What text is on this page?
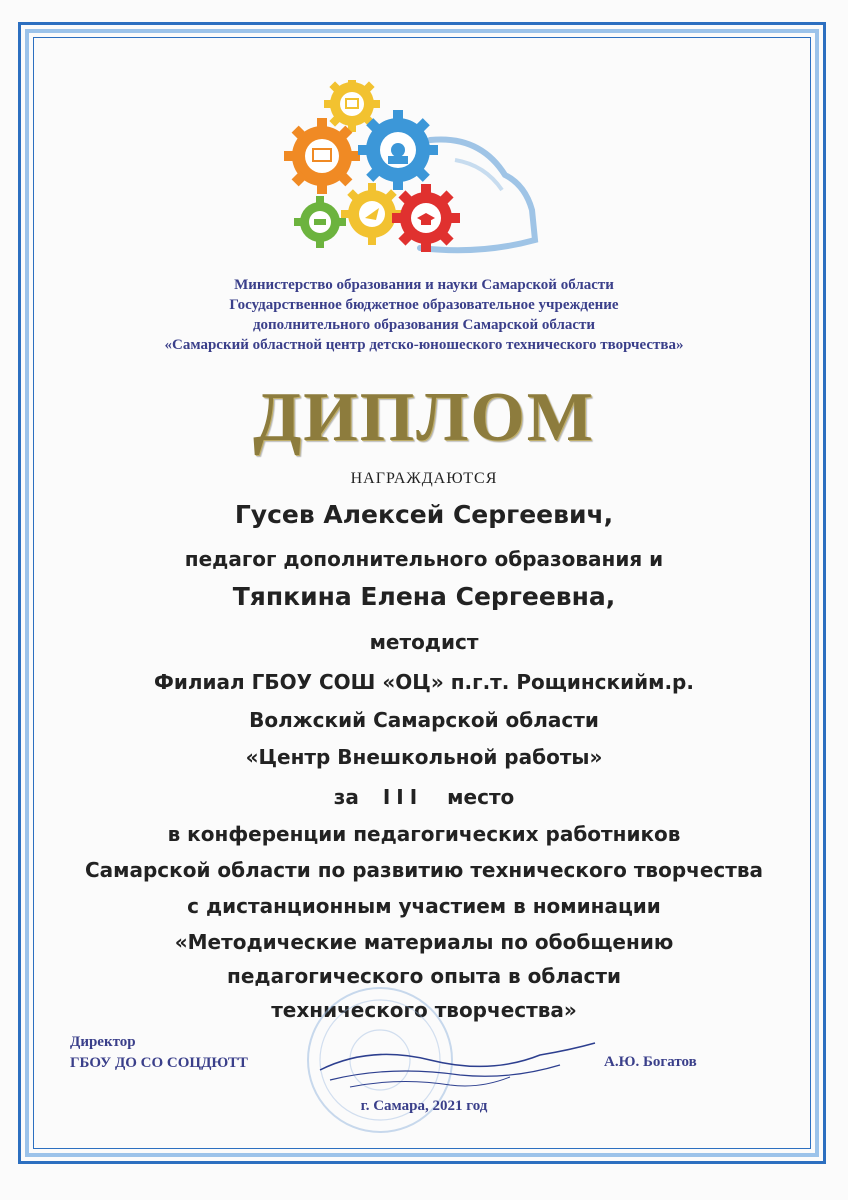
Министерство образования и науки Самарской области
Государственное бюджетное образовательное учреждение
дополнительного образования Самарской области
«Самарский областной центр детско-юношеского технического творчества»
ДИПЛОМ
НАГРАЖДАЮТСЯ
Гусев Алексей Сергеевич,
педагог дополнительного образования и
Тяпкина Елена Сергеевна,
методист
Филиал ГБОУ СОШ «ОЦ» п.г.т. Рощинскийм.р.
Волжский Самарской области
«Центр Внешкольной работы»
за III место
в конференции педагогических работников
Самарской области по развитию технического творчества
с дистанционным участием в номинации
«Методические материалы по обобщению
педагогического опыта в области
технического творчества»
Директор
ГБОУ ДО СО СОЦДЮТТ	А.Ю. Богатов
г. Самара, 2021 год
